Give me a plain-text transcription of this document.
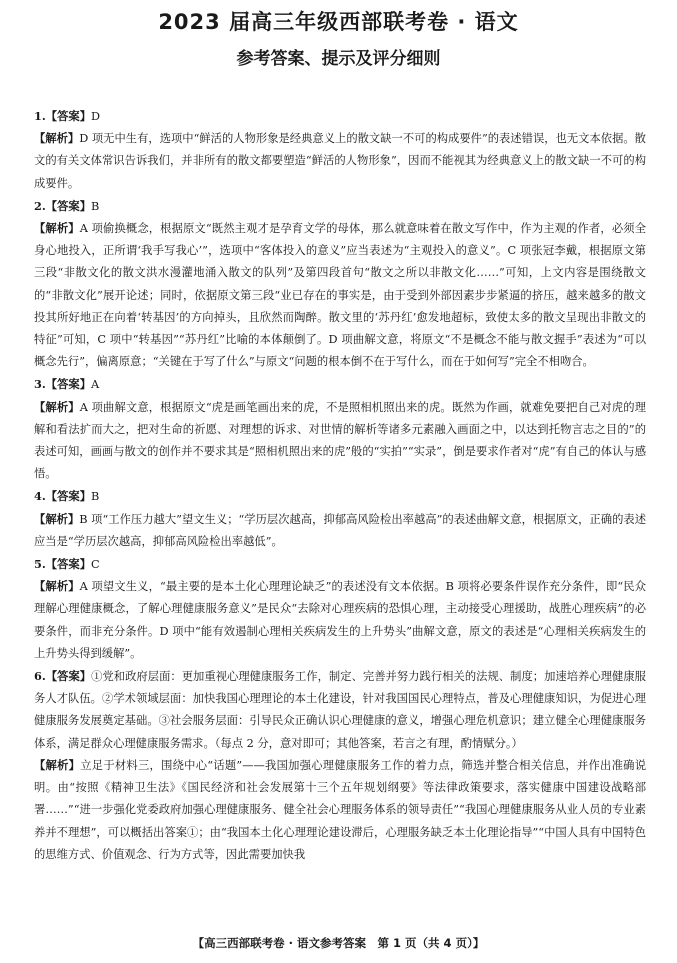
2023 届高三年级西部联考卷 · 语文
参考答案、提示及评分细则
1.【答案】D
【解析】D 项无中生有，选项中“鲜活的人物形象是经典意义上的散文缺一不可的构成要件”的表述错误，也无文本依据。散文的有关文体常识告诉我们，并非所有的散文都要塑造“鲜活的人物形象”，因而不能视其为经典意义上的散文缺一不可的构成要件。
2.【答案】B
【解析】A 项偷换概念，根据原文“既然主观才是孕育文学的母体，那么就意味着在散文写作中，作为主观的作者，必须全身心地投入，正所谓‘我手写我心’”，选项中“客体投入的意义”应当表述为“主观投入的意义”。C 项张冠李戴，根据原文第三段“非散文化的散文洪水漫灌地涌入散文的队列”及第四段首句“散文之所以非散文化……”可知，上文内容是围绕散文的“非散文化”展开论述；同时，依据原文第三段“业已存在的事实是，由于受到外部因素步步紧逼的挤压，越来越多的散文投其所好地正在向着‘转基因’的方向掉头，且欣然而陶醉。散文里的‘苏丹红’愈发地超标，致使太多的散文呈现出非散文的特征”可知，C 项中“转基因”“苏丹红”比喻的本体颠倒了。D 项曲解文意，将原文“不是概念不能与散文握手”表述为“可以概念先行”，偏离原意；“关键在于写了什么”与原文“问题的根本倒不在于写什么，而在于如何写”完全不相吻合。
3.【答案】A
【解析】A 项曲解文意，根据原文“虎是画笔画出来的虎，不是照相机照出来的虎。既然为作画，就难免要把自己对虎的理解和看法扩而大之，把对生命的祈愿、对理想的诉求、对世情的解析等诸多元素融入画面之中，以达到托物言志之目的”的表述可知，画画与散文的创作并不要求其是“照相机照出来的虎”般的“实拍”“实录”，倒是要求作者对“虎”有自己的体认与感悟。
4.【答案】B
【解析】B 项“工作压力越大”望文生义；“学历层次越高，抑郁高风险检出率越高”的表述曲解文意，根据原文，正确的表述应当是“学历层次越高，抑郁高风险检出率越低”。
5.【答案】C
【解析】A 项望文生义，“最主要的是本土化心理理论缺乏”的表述没有文本依据。B 项将必要条件误作充分条件，即“民众理解心理健康概念，了解心理健康服务意义”是民众“去除对心理疾病的恐惧心理，主动接受心理援助，战胜心理疾病”的必要条件，而非充分条件。D 项中“能有效遏制心理相关疾病发生的上升势头”曲解文意，原文的表述是“心理相关疾病发生的上升势头得到缓解”。
6.【答案】①党和政府层面：更加重视心理健康服务工作，制定、完善并努力践行相关的法规、制度；加速培养心理健康服务人才队伍。②学术领域层面：加快我国心理理论的本土化建设，针对我国国民心理特点，普及心理健康知识，为促进心理健康服务发展奠定基础。③社会服务层面：引导民众正确认识心理健康的意义，增强心理危机意识；建立健全心理健康服务体系，满足群众心理健康服务需求。（每点 2 分，意对即可；其他答案，若言之有理，酌情赋分。）
【解析】立足于材料三，围绕中心“话题”——我国加强心理健康服务工作的着力点，筛选并整合相关信息，并作出准确说明。由“按照《精神卫生法》《国民经济和社会发展第十三个五年规划纲要》等法律政策要求，落实健康中国建设战略部署……”“进一步强化党委政府加强心理健康服务、健全社会心理服务体系的领导责任”“我国心理健康服务从业人员的专业素养并不理想”，可以概括出答案①；由“我国本土化心理理论建设滞后，心理服务缺乏本土化理论指导”“中国人具有中国特色的思维方式、价值观念、行为方式等，因此需要加快我
【高三西部联考卷 · 语文参考答案　第 1 页（共 4 页）】
